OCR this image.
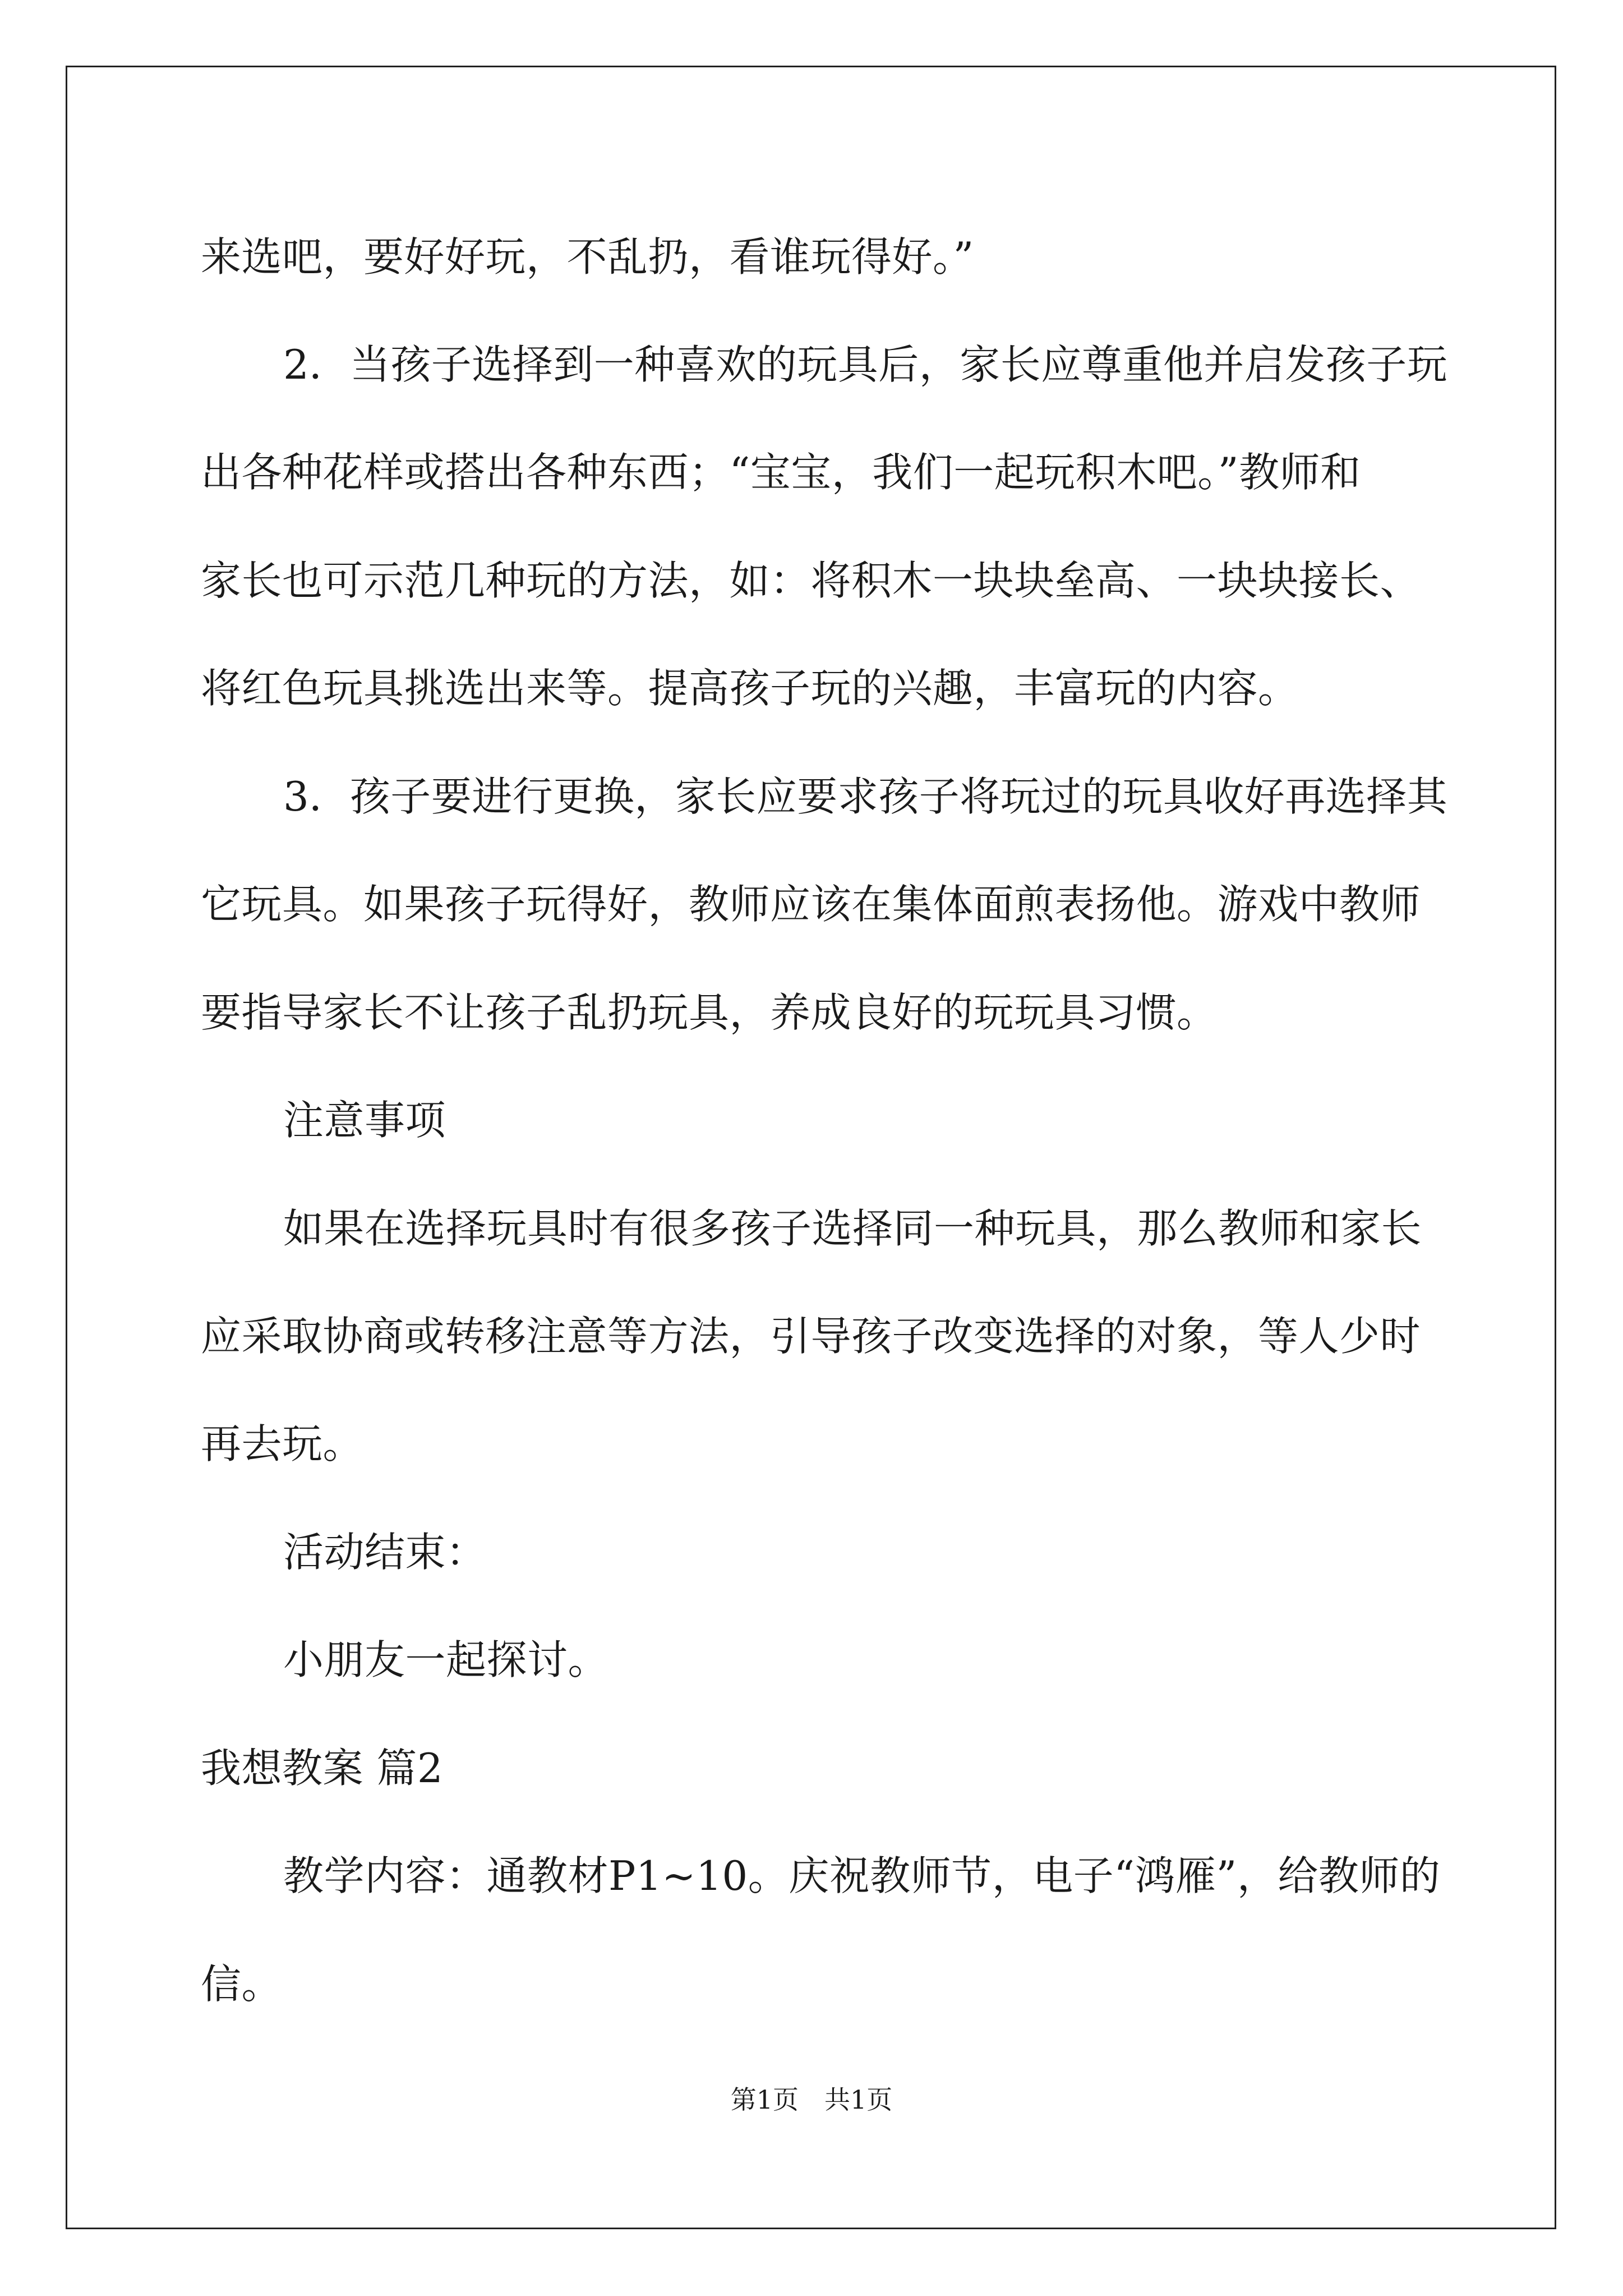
来选吧，要好好玩，不乱扔，看谁玩得好。”
2．当孩子选择到一种喜欢的玩具后，家长应尊重他并启发孩子玩
出各种花样或搭出各种东西；“宝宝，我们一起玩积木吧。”教师和
家长也可示范几种玩的方法，如：将积木一块块垒高、一块块接长、
将红色玩具挑选出来等。提高孩子玩的兴趣，丰富玩的内容。
3．孩子要进行更换，家长应要求孩子将玩过的玩具收好再选择其
它玩具。如果孩子玩得好，教师应该在集体面煎表扬他。游戏中教师
要指导家长不让孩子乱扔玩具，养成良好的玩玩具习惯。
注意事项
如果在选择玩具时有很多孩子选择同一种玩具，那么教师和家长
应采取协商或转移注意等方法，引导孩子改变选择的对象，等人少时
再去玩。
活动结束：
小朋友一起探讨。
我想教案 篇2
教学内容：通教材P1~10。庆祝教师节，电子“鸿雁”，给教师的
信。
第1页　共1页
